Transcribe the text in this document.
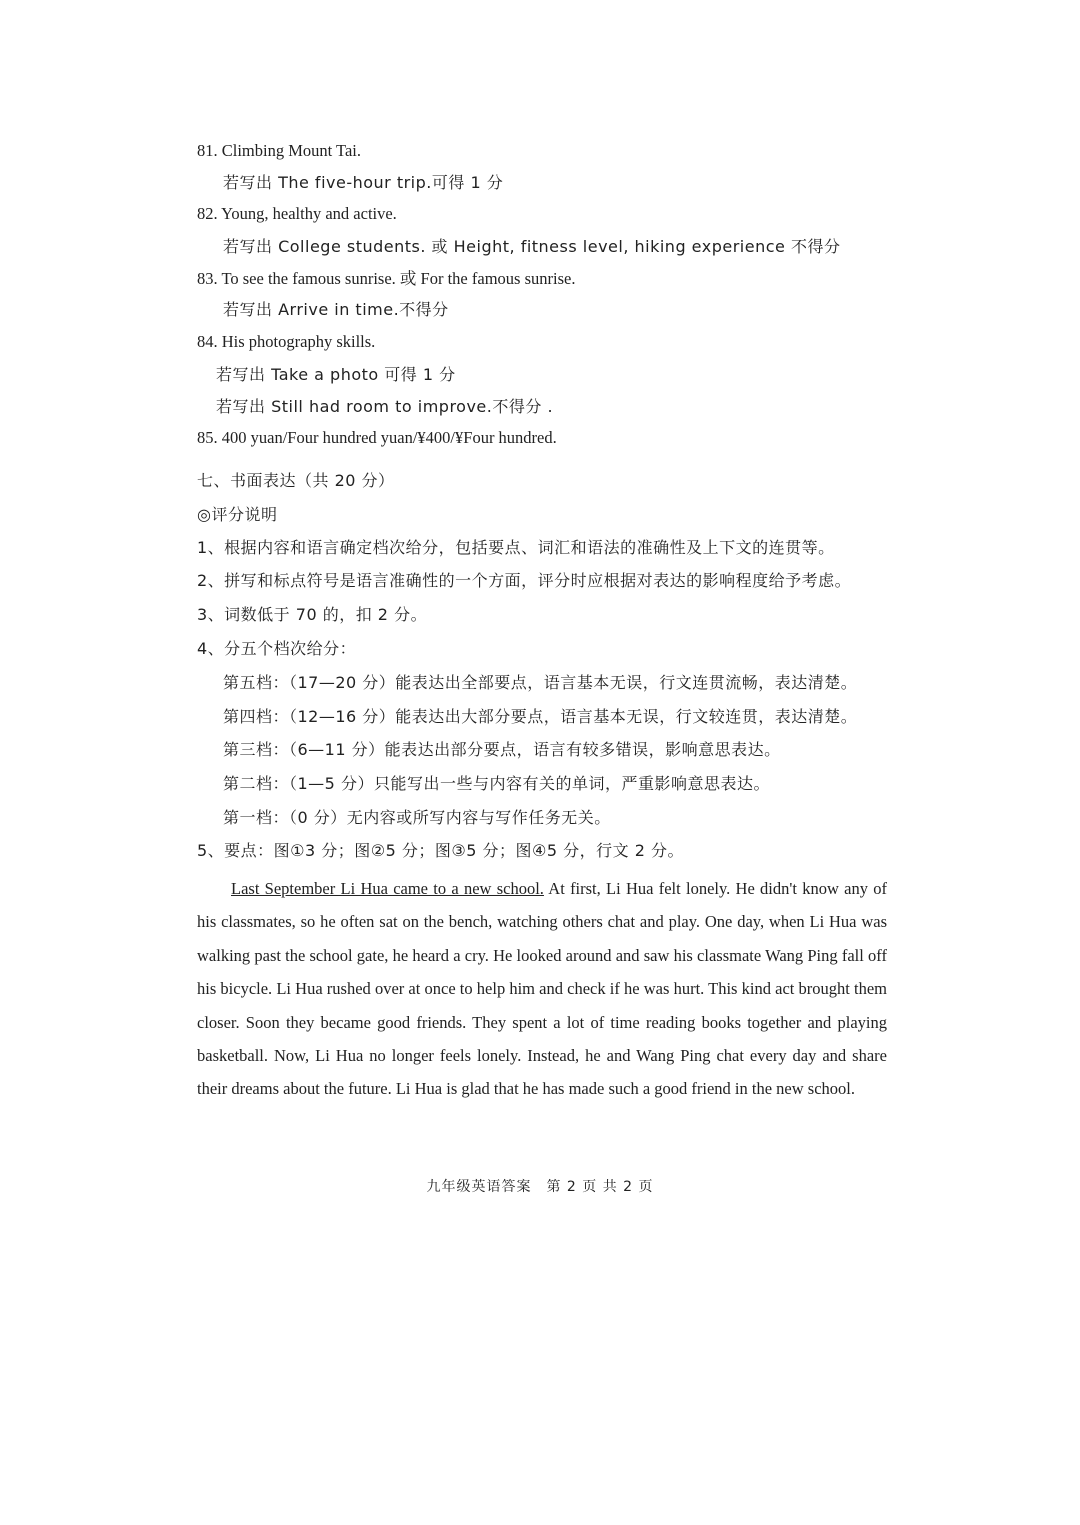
81. Climbing Mount Tai.
若写出 The five-hour trip.可得 1 分
82. Young, healthy and active.
若写出 College students. 或 Height, fitness level, hiking experience 不得分
83. To see the famous sunrise. 或 For the famous sunrise.
若写出 Arrive in time.不得分
84. His photography skills.
若写出 Take a photo 可得 1 分
若写出 Still had room to improve.不得分 .
85. 400 yuan/Four hundred yuan/¥400/¥Four hundred.
七、书面表达（共 20 分）
◎评分说明
1、根据内容和语言确定档次给分，包括要点、词汇和语法的准确性及上下文的连贯等。
2、拼写和标点符号是语言准确性的一个方面，评分时应根据对表达的影响程度给予考虑。
3、词数低于 70 的，扣 2 分。
4、分五个档次给分：
第五档：（17—20 分）能表达出全部要点，语言基本无误，行文连贯流畅，表达清楚。
第四档：（12—16 分）能表达出大部分要点，语言基本无误，行文较连贯，表达清楚。
第三档：（6—11 分）能表达出部分要点，语言有较多错误，影响意思表达。
第二档：（1—5 分）只能写出一些与内容有关的单词，严重影响意思表达。
第一档：（0 分）无内容或所写内容与写作任务无关。
5、要点：图①3 分；图②5 分；图③5 分；图④5 分，行文 2 分。
Last September Li Hua came to a new school. At first, Li Hua felt lonely. He didn't know any of his classmates, so he often sat on the bench, watching others chat and play. One day, when Li Hua was walking past the school gate, he heard a cry. He looked around and saw his classmate Wang Ping fall off his bicycle. Li Hua rushed over at once to help him and check if he was hurt. This kind act brought them closer. Soon they became good friends. They spent a lot of time reading books together and playing basketball. Now, Li Hua no longer feels lonely. Instead, he and Wang Ping chat every day and share their dreams about the future. Li Hua is glad that he has made such a good friend in the new school.
九年级英语答案　第 2 页 共 2 页
